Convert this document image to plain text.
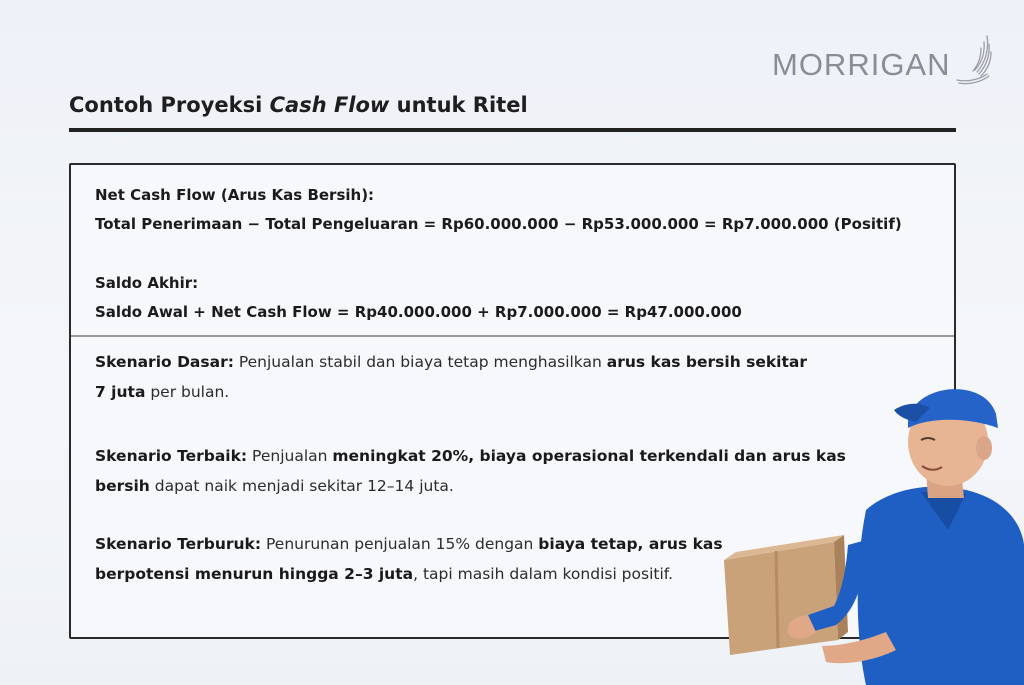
MORRIGAN
Contoh Proyeksi Cash Flow untuk Ritel
Net Cash Flow (Arus Kas Bersih):
Total Penerimaan − Total Pengeluaran = Rp60.000.000 − Rp53.000.000 = Rp7.000.000 (Positif)
Saldo Akhir:
Saldo Awal + Net Cash Flow = Rp40.000.000 + Rp7.000.000 = Rp47.000.000
Skenario Dasar: Penjualan stabil dan biaya tetap menghasilkan arus kas bersih sekitar 7 juta per bulan.
Skenario Terbaik: Penjualan meningkat 20%, biaya operasional terkendali dan arus kas bersih dapat naik menjadi sekitar 12–14 juta.
Skenario Terburuk: Penurunan penjualan 15% dengan biaya tetap, arus kas berpotensi menurun hingga 2–3 juta, tapi masih dalam kondisi positif.
